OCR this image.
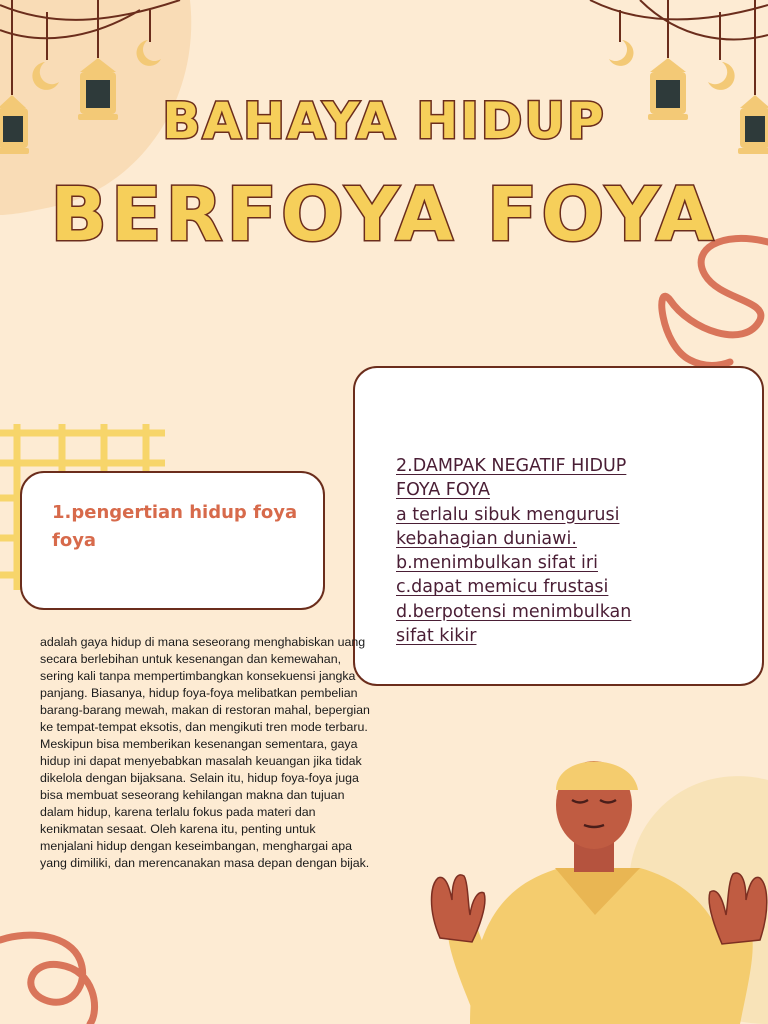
BAHAYA HIDUP
BERFOYA FOYA
1.pengertian hidup foya foya
2.DAMPAK NEGATIF HIDUP
FOYA FOYA
a terlalu sibuk mengurusi
kebahagian duniawi.
b.menimbulkan sifat iri
c.dapat memicu frustasi
d.berpotensi menimbulkan
sifat kikir
adalah gaya hidup di mana seseorang menghabiskan uang secara berlebihan untuk kesenangan dan kemewahan, sering kali tanpa mempertimbangkan konsekuensi jangka panjang. Biasanya, hidup foya-foya melibatkan pembelian barang-barang mewah, makan di restoran mahal, bepergian ke tempat-tempat eksotis, dan mengikuti tren mode terbaru. Meskipun bisa memberikan kesenangan sementara, gaya hidup ini dapat menyebabkan masalah keuangan jika tidak dikelola dengan bijaksana. Selain itu, hidup foya-foya juga bisa membuat seseorang kehilangan makna dan tujuan dalam hidup, karena terlalu fokus pada materi dan kenikmatan sesaat. Oleh karena itu, penting untuk menjalani hidup dengan keseimbangan, menghargai apa yang dimiliki, dan merencanakan masa depan dengan bijak.
